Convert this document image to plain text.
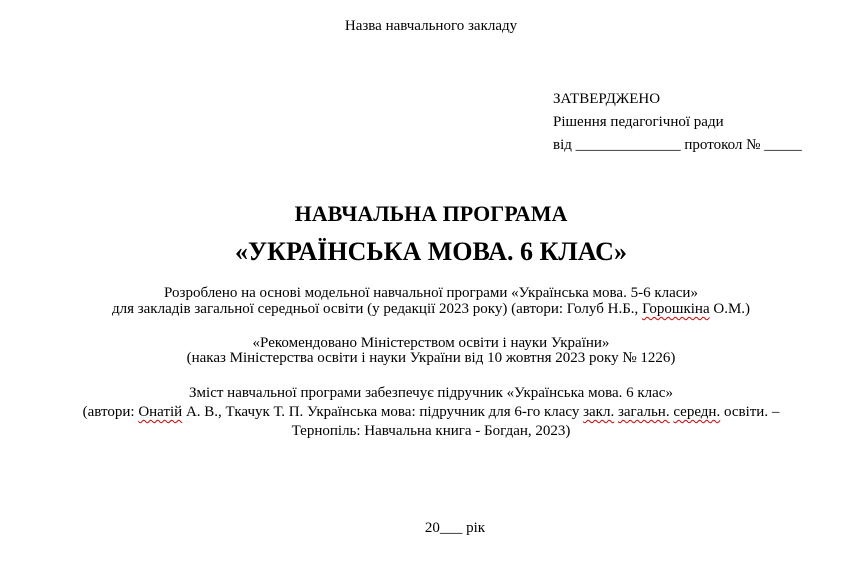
Назва навчального закладу
ЗАТВЕРДЖЕНО
Рішення педагогічної ради
від ______________ протокол № _____
НАВЧАЛЬНА ПРОГРАМА
«УКРАЇНСЬКА МОВА. 6 КЛАС»
Розроблено на основі модельної навчальної програми «Українська мова. 5-6 класи»
для закладів загальної середньої освіти (у редакції 2023 року) (автори: Голуб Н.Б., Горошкіна О.М.)
«Рекомендовано Міністерством освіти і науки України»
(наказ Міністерства освіти і науки України від 10 жовтня 2023 року № 1226)
Зміст навчальної програми забезпечує підручник «Українська мова. 6 клас»
(автори: Онатій А. В., Ткачук Т. П. Українська мова: підручник для 6-го класу закл. загальн. середн. освіти. –
Тернопіль: Навчальна книга - Богдан, 2023)
20___ рік
